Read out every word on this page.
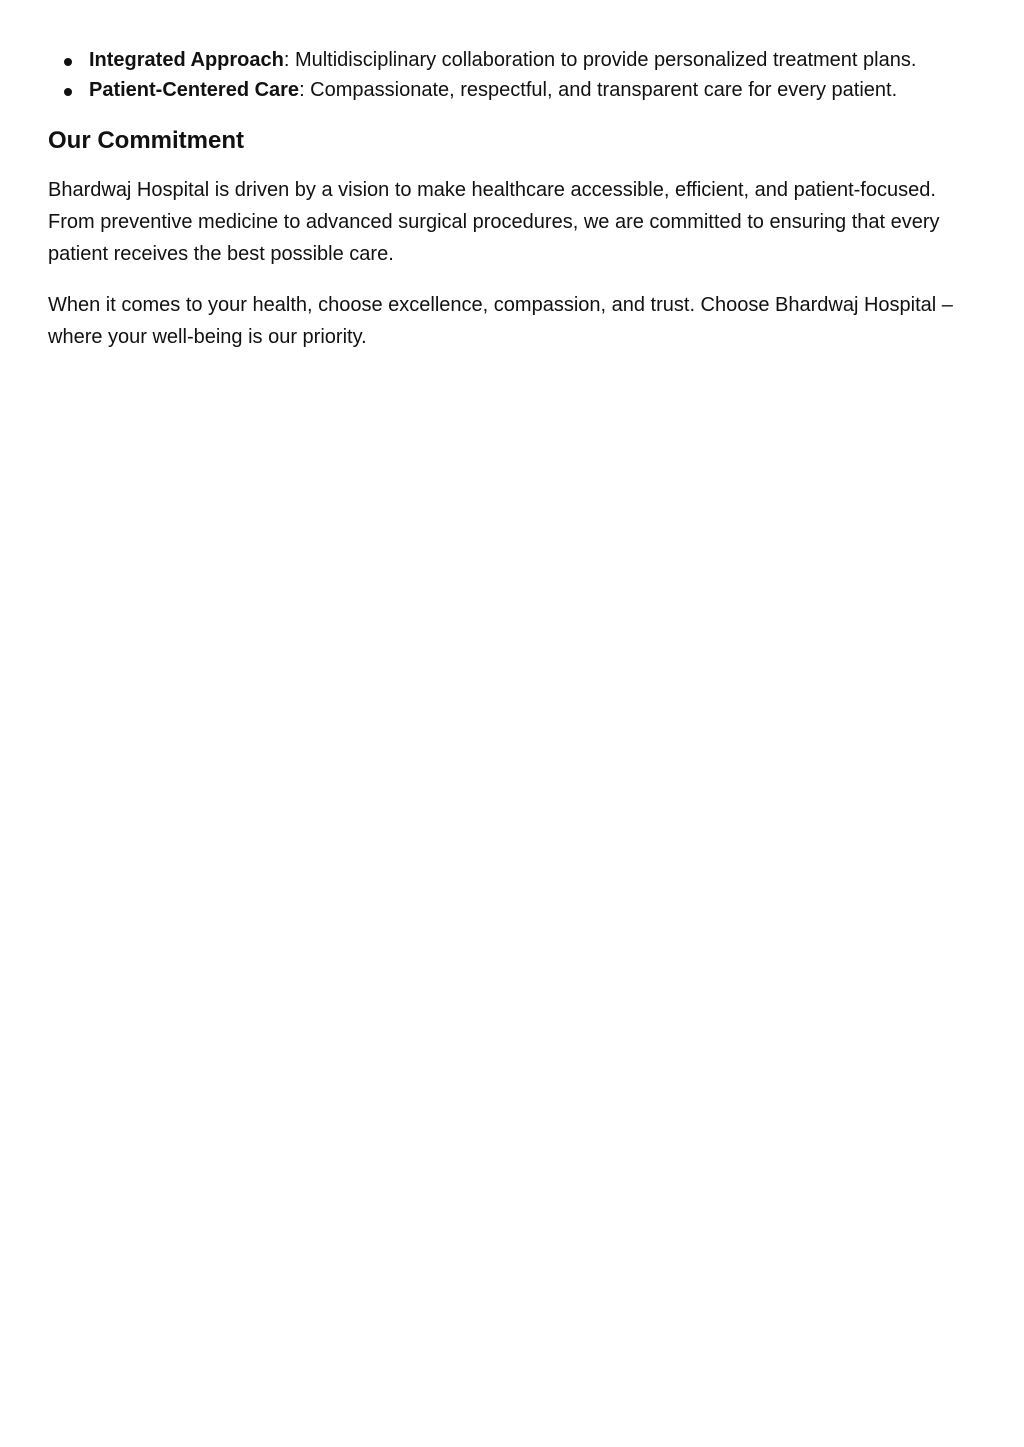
Integrated Approach: Multidisciplinary collaboration to provide personalized treatment plans.
Patient-Centered Care: Compassionate, respectful, and transparent care for every patient.
Our Commitment

Bhardwaj Hospital is driven by a vision to make healthcare accessible, efficient, and patient-focused. From preventive medicine to advanced surgical procedures, we are committed to ensuring that every patient receives the best possible care.

When it comes to your health, choose excellence, compassion, and trust. Choose Bhardwaj Hospital – where your well-being is our priority.
